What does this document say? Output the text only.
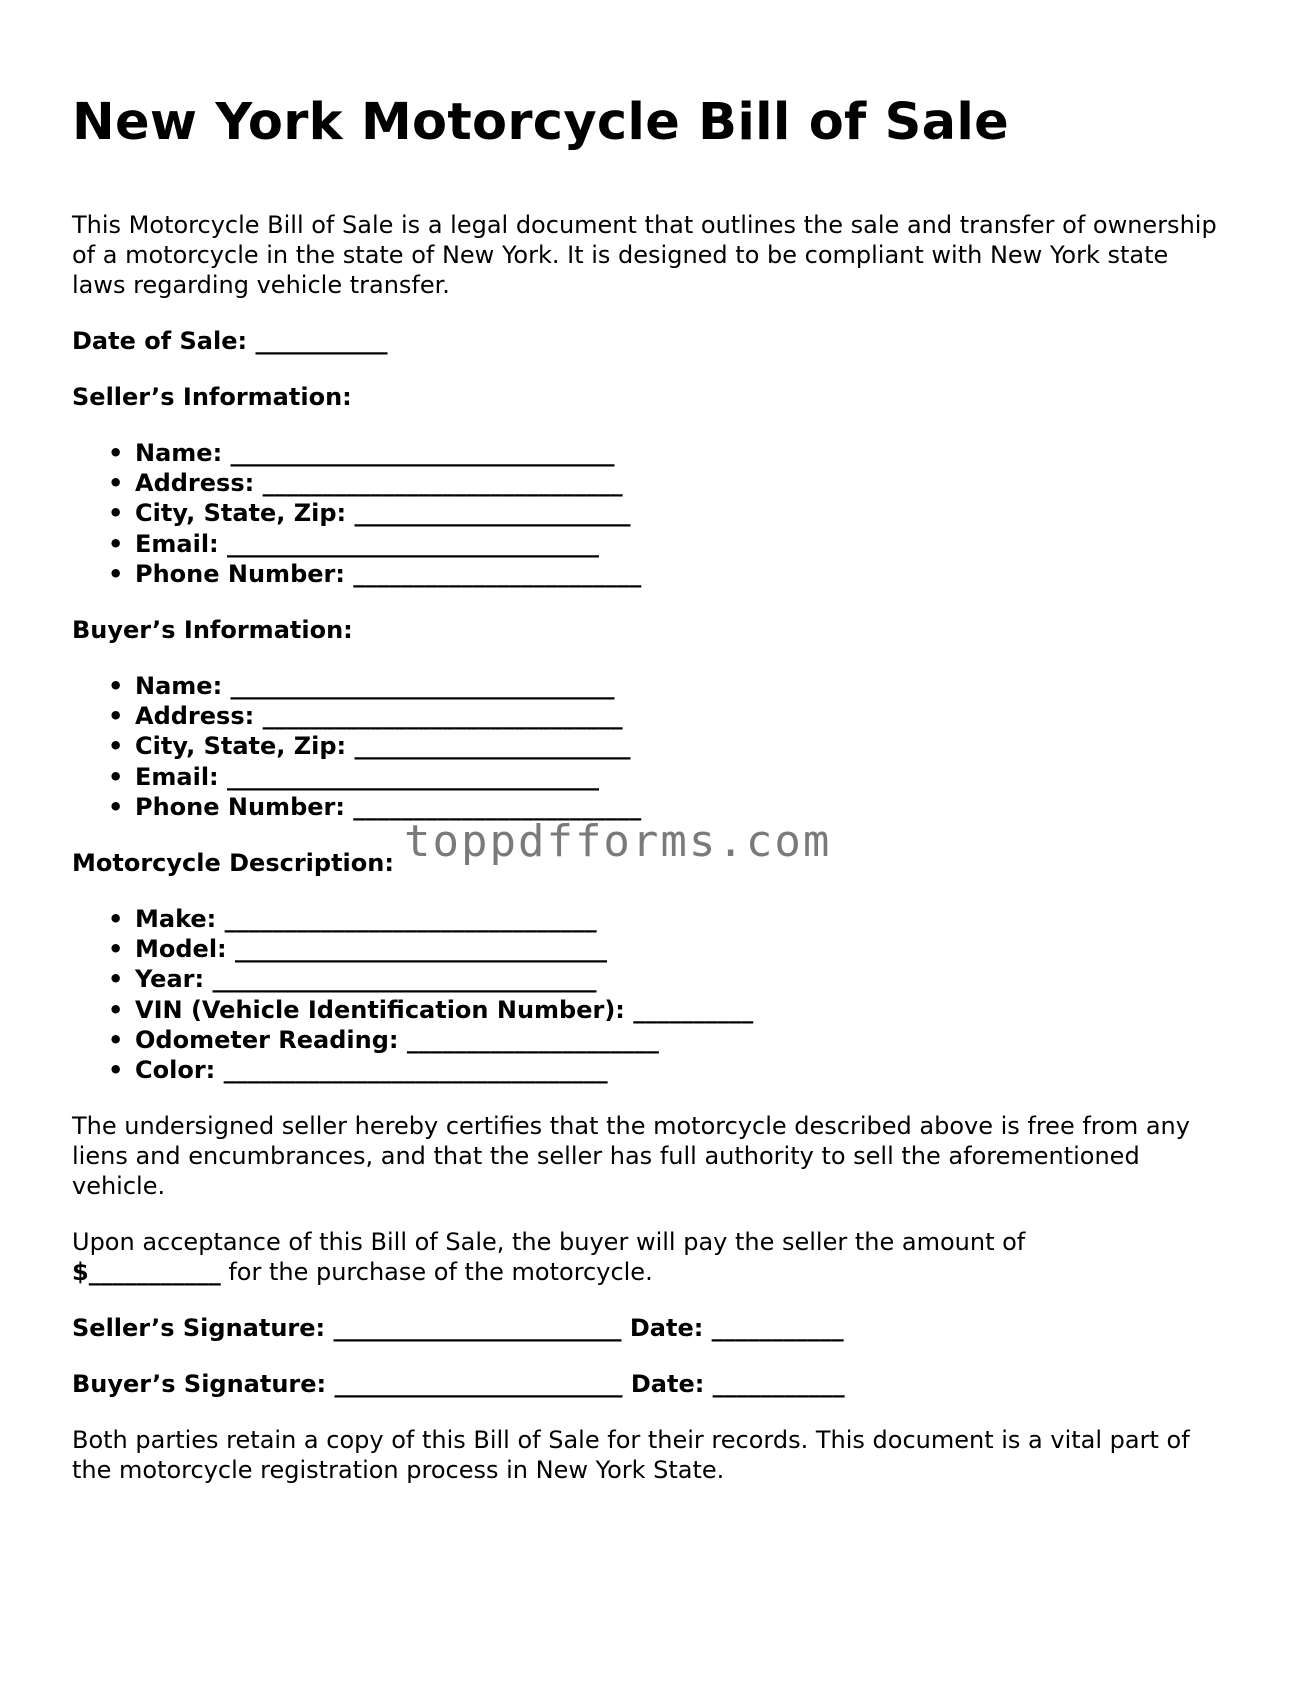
New York Motorcycle Bill of Sale

This Motorcycle Bill of Sale is a legal document that outlines the sale and transfer of ownership of a motorcycle in the state of New York. It is designed to be compliant with New York state laws regarding vehicle transfer.

Date of Sale: ___________

Seller’s Information:

• Name: ________________________________
• Address: ______________________________
• City, State, Zip: _______________________
• Email: _______________________________
• Phone Number: ________________________

Buyer’s Information:

• Name: ________________________________
• Address: ______________________________
• City, State, Zip: _______________________
• Email: _______________________________
• Phone Number: ________________________

Motorcycle Description:

• Make: _______________________________
• Model: _______________________________
• Year: ________________________________
• VIN (Vehicle Identification Number): __________
• Odometer Reading: _____________________
• Color: ________________________________

The undersigned seller hereby certifies that the motorcycle described above is free from any liens and encumbrances, and that the seller has full authority to sell the aforementioned vehicle.

Upon acceptance of this Bill of Sale, the buyer will pay the seller the amount of
$___________ for the purchase of the motorcycle.

Seller’s Signature: ________________________ Date: ___________

Buyer’s Signature: ________________________ Date: ___________

Both parties retain a copy of this Bill of Sale for their records. This document is a vital part of the motorcycle registration process in New York State.

toppdfforms.com
